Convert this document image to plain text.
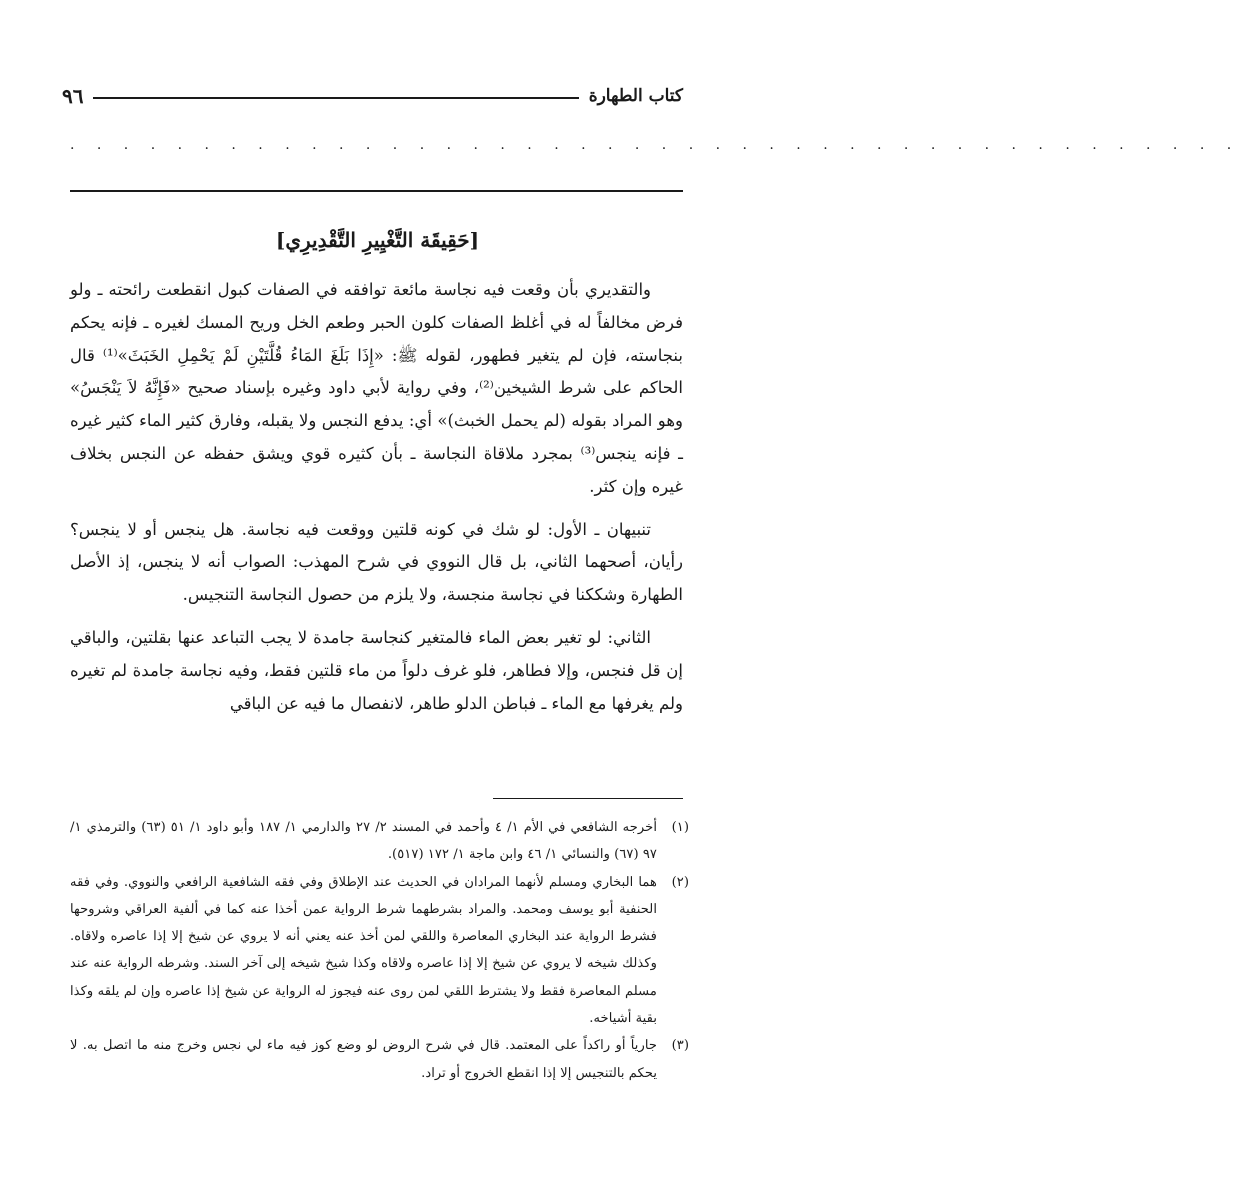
كتاب الطهارة
٩٦
. . . . . . . . . . . . . . . . . . . . . . . . . . . . . . . . . . . . . . . . . . . .
[حَقِيقَة التَّغْيِيرِ التَّقْدِيرِي]

والتقديري بأن وقعت فيه نجاسة مائعة توافقه في الصفات كبول انقطعت رائحته ـ ولو فرض مخالفاً له في أغلظ الصفات كلون الحبر وطعم الخل وريح المسك لغيره ـ فإنه يحكم بنجاسته، فإن لم يتغير فطهور، لقوله ﷺ: «إِذَا بَلَغَ المَاءُ قُلَّتَيْنِ لَمْ يَحْمِلِ الخَبَثَ»⁽¹⁾ قال الحاكم على شرط الشيخين⁽²⁾، وفي رواية لأبي داود وغيره بإسناد صحيح «فَإِنَّهُ لاَ يَنْجَسُ» وهو المراد بقوله (لم يحمل الخبث)» أي: يدفع النجس ولا يقبله، وفارق كثير الماء كثير غيره ـ فإنه ينجس⁽³⁾ بمجرد ملاقاة النجاسة ـ بأن كثيره قوي ويشق حفظه عن النجس بخلاف غيره وإن كثر.

تنبيهان ـ الأول: لو شك في كونه قلتين ووقعت فيه نجاسة. هل ينجس أو لا ينجس؟ رأيان، أصحهما الثاني، بل قال النووي في شرح المهذب: الصواب أنه لا ينجس، إذ الأصل الطهارة وشككنا في نجاسة منجسة، ولا يلزم من حصول النجاسة التنجيس.

الثاني: لو تغير بعض الماء فالمتغير كنجاسة جامدة لا يجب التباعد عنها بقلتين، والباقي إن قل فنجس، وإلا فطاهر، فلو غرف دلواً من ماء قلتين فقط، وفيه نجاسة جامدة لم تغيره ولم يغرفها مع الماء ـ فباطن الدلو طاهر، لانفصال ما فيه عن الباقي

(١)
أخرجه الشافعي في الأم ١/ ٤ وأحمد في المسند ٢/ ٢٧ والدارمي ١/ ١٨٧ وأبو داود ١/ ٥١ (٦٣) والترمذي ١/ ٩٧ (٦٧) والنسائي ١/ ٤٦ وابن ماجة ١/ ١٧٢ (٥١٧).
(٢)
هما البخاري ومسلم لأنهما المرادان في الحديث عند الإطلاق وفي فقه الشافعية الرافعي والنووي. وفي فقه الحنفية أبو يوسف ومحمد. والمراد بشرطهما شرط الرواية عمن أخذا عنه كما في ألفية العراقي وشروحها فشرط الرواية عند البخاري المعاصرة واللقي لمن أخذ عنه يعني أنه لا يروي عن شيخ إلا إذا عاصره ولاقاه. وكذلك شيخه لا يروي عن شيخ إلا إذا عاصره ولاقاه وكذا شيخ شيخه إلى آخر السند. وشرطه الرواية عنه عند مسلم المعاصرة فقط ولا يشترط اللقي لمن روى عنه فيجوز له الرواية عن شيخ إذا عاصره وإن لم يلقه وكذا بقية أشياخه.
(٣)
جارياً أو راكداً على المعتمد. قال في شرح الروض لو وضع كوز فيه ماء لي نجس وخرج منه ما اتصل به. لا يحكم بالتنجيس إلا إذا انقطع الخروج أو تراد.
